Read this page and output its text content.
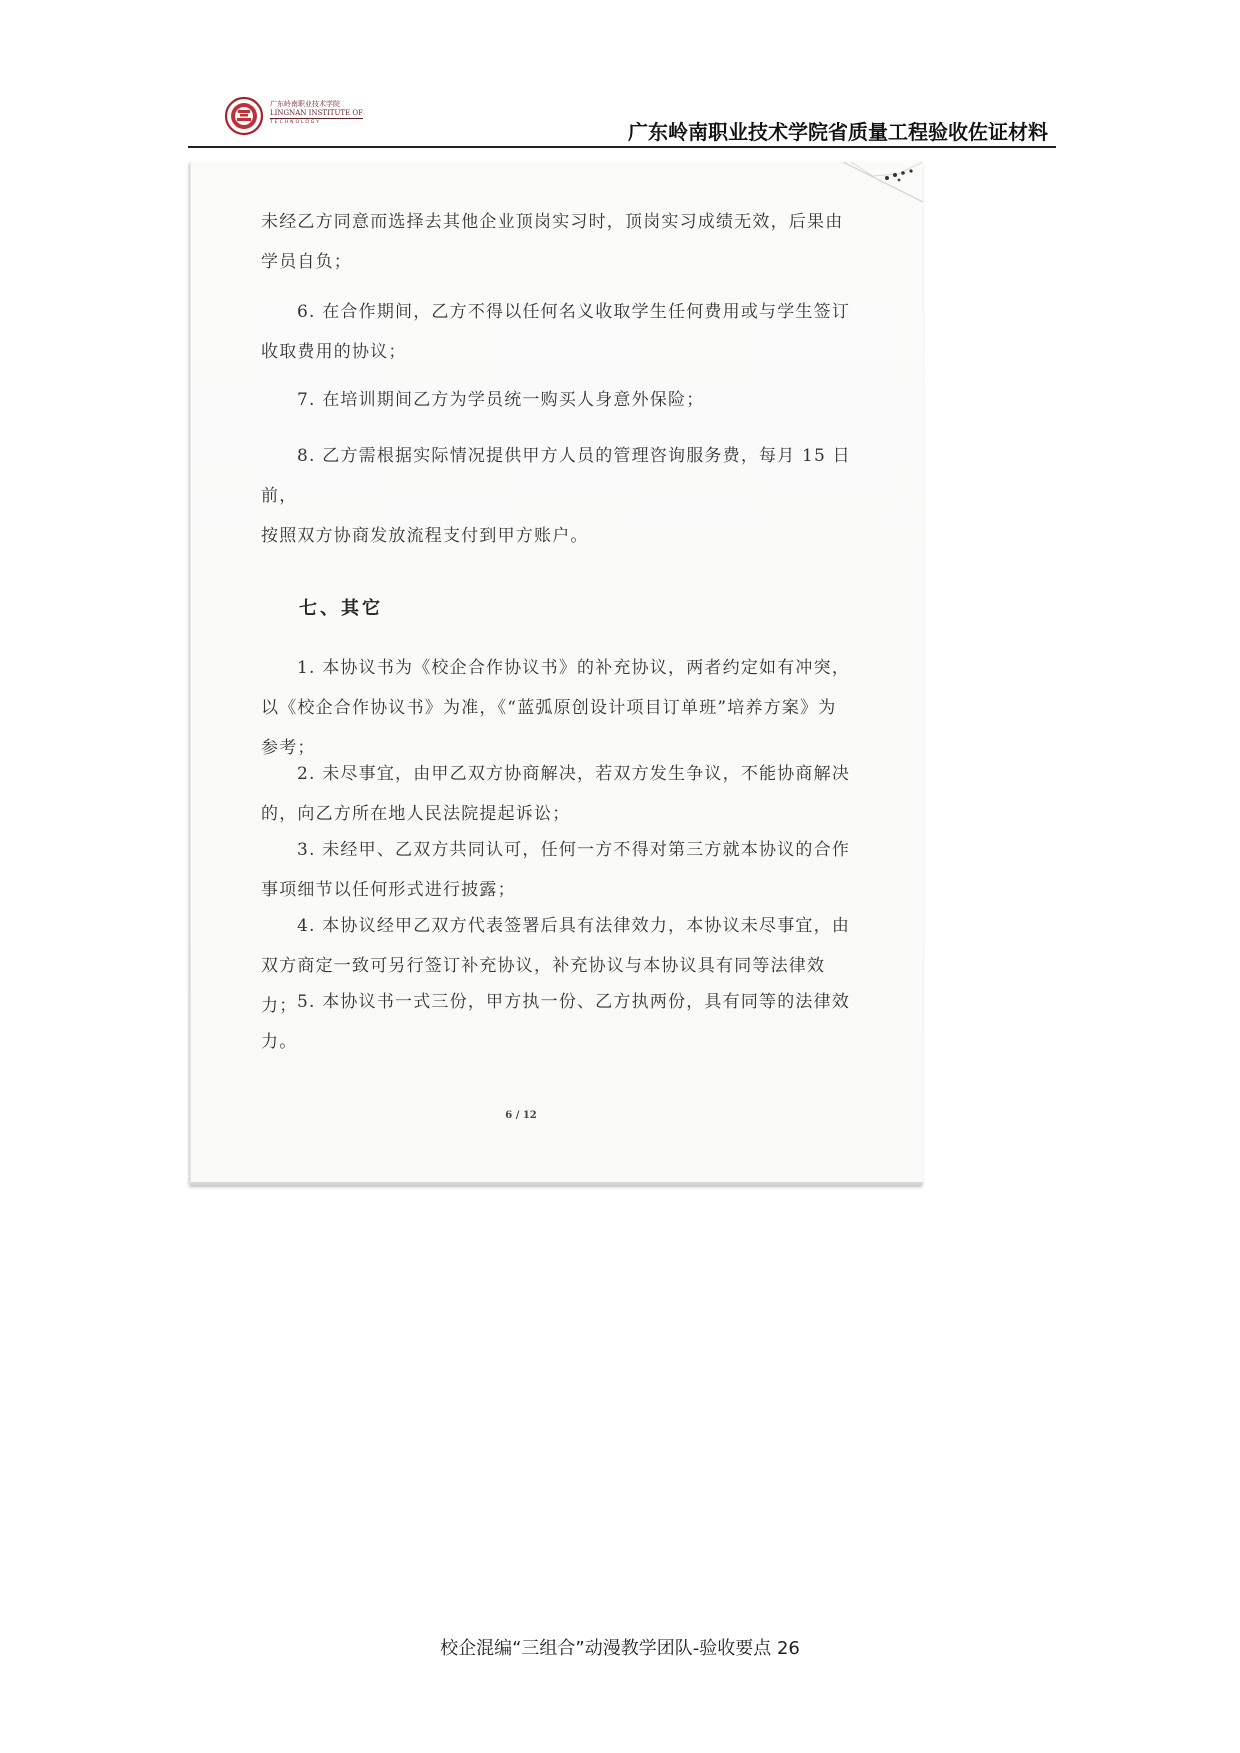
广东岭南职业技术学院
LINGNAN INSTITUTE OF
TECHNOLOGY	广东岭南职业技术学院省质量工程验收佐证材料

未经乙方同意而选择去其他企业顶岗实习时，顶岗实习成绩无效，后果由
学员自负；

6. 在合作期间，乙方不得以任何名义收取学生任何费用或与学生签订
收取费用的协议；

7. 在培训期间乙方为学员统一购买人身意外保险；

8. 乙方需根据实际情况提供甲方人员的管理咨询服务费，每月 15 日前，
按照双方协商发放流程支付到甲方账户。

七、其它

1. 本协议书为《校企合作协议书》的补充协议，两者约定如有冲突，
以《校企合作协议书》为准，《“蓝弧原创设计项目订单班”培养方案》为
参考；

2. 未尽事宜，由甲乙双方协商解决，若双方发生争议，不能协商解决
的，向乙方所在地人民法院提起诉讼；

3. 未经甲、乙双方共同认可，任何一方不得对第三方就本协议的合作
事项细节以任何形式进行披露；

4. 本协议经甲乙双方代表签署后具有法律效力，本协议未尽事宜，由
双方商定一致可另行签订补充协议，补充协议与本协议具有同等法律效力； 5. 本协议书一式三份，甲方执一份、乙方执两份，具有同等的法律效
力。

6 / 12
校企混编“三组合”动漫教学团队-验收要点 26
